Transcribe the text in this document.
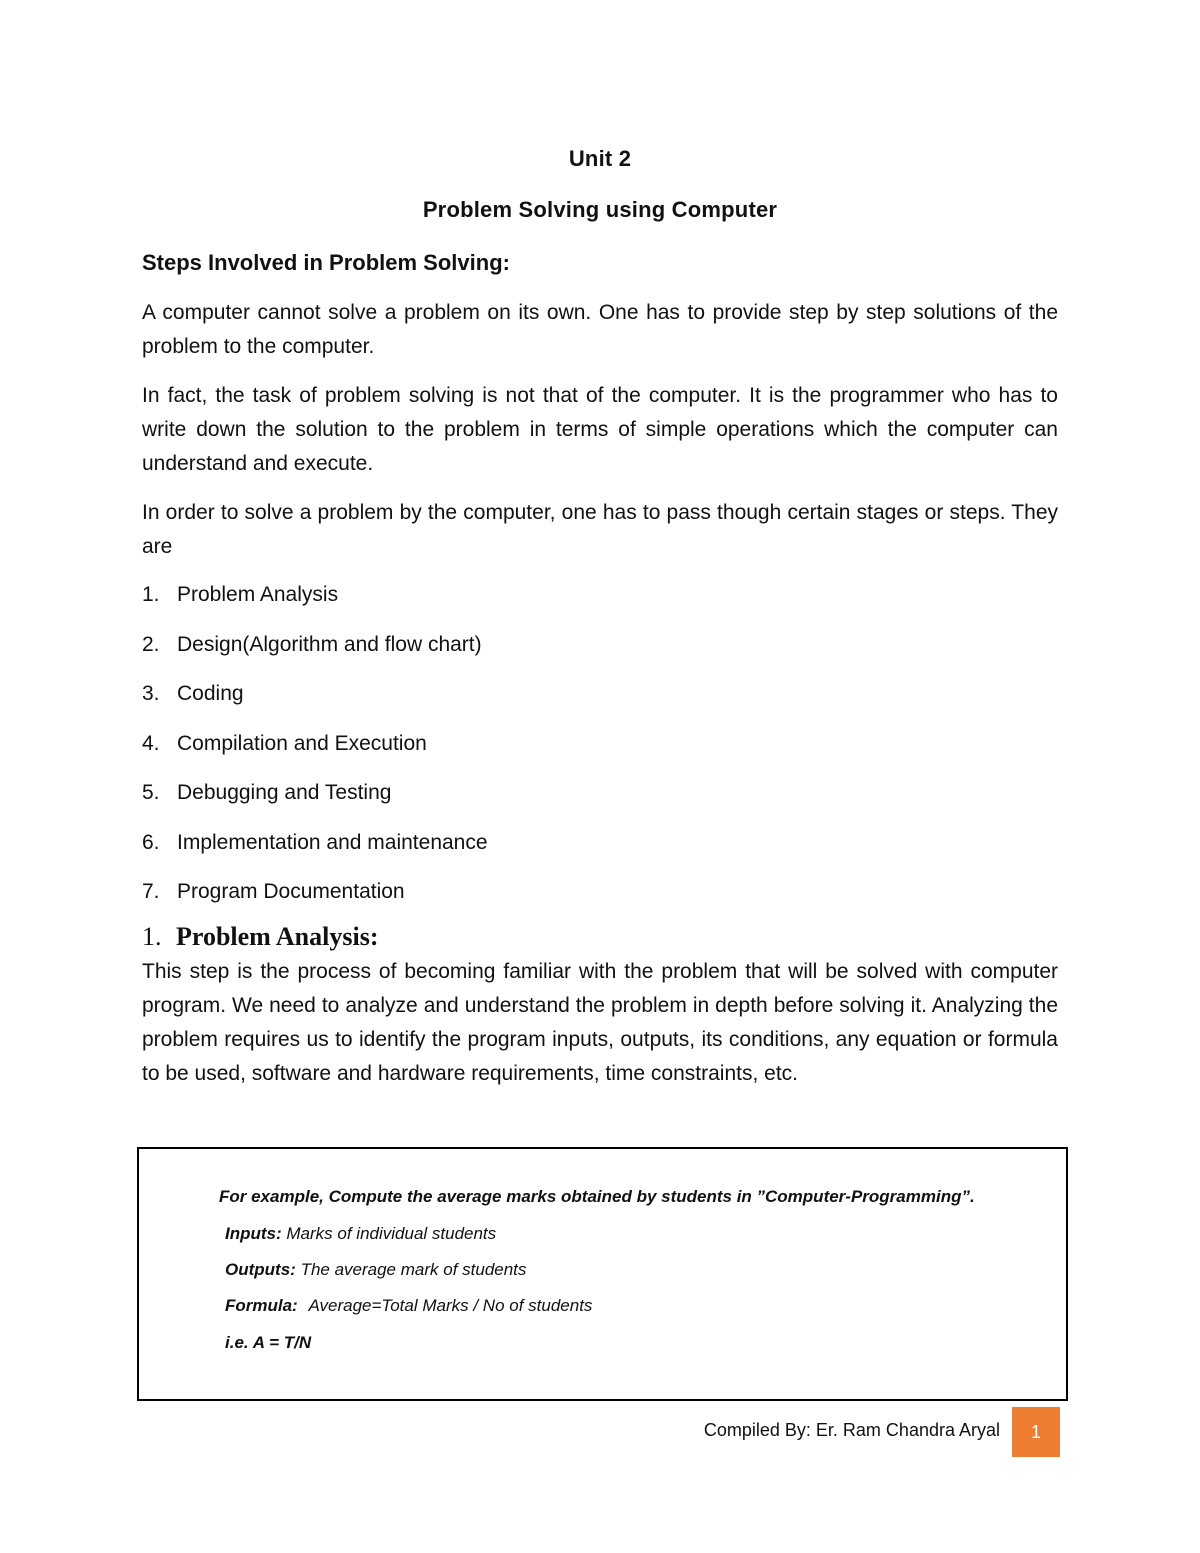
Unit 2
Problem Solving using Computer
Steps Involved in Problem Solving:
A computer cannot solve a problem on its own. One has to provide step by step solutions of the problem to the computer.
In fact, the task of problem solving is not that of the computer. It is the programmer who has to write down the solution to the problem in terms of simple operations which the computer can understand and execute.
In order to solve a problem by the computer, one has to pass though certain stages or steps. They are
1. Problem Analysis
2. Design(Algorithm and flow chart)
3. Coding
4. Compilation and Execution
5. Debugging and Testing
6. Implementation and maintenance
7. Program Documentation
1. Problem Analysis:
This step is the process of becoming familiar with the problem that will be solved with computer program. We need to analyze and understand the problem in depth before solving it. Analyzing the problem requires us to identify the program inputs, outputs, its conditions, any equation or formula to be used, software and hardware requirements, time constraints, etc.
For example, Compute the average marks obtained by students in ”Computer-Programming”.
Inputs: Marks of individual students
Outputs: The average mark of students
Formula: Average=Total Marks / No of students
i.e. A = T/N
Compiled By: Er. Ram Chandra Aryal	1
